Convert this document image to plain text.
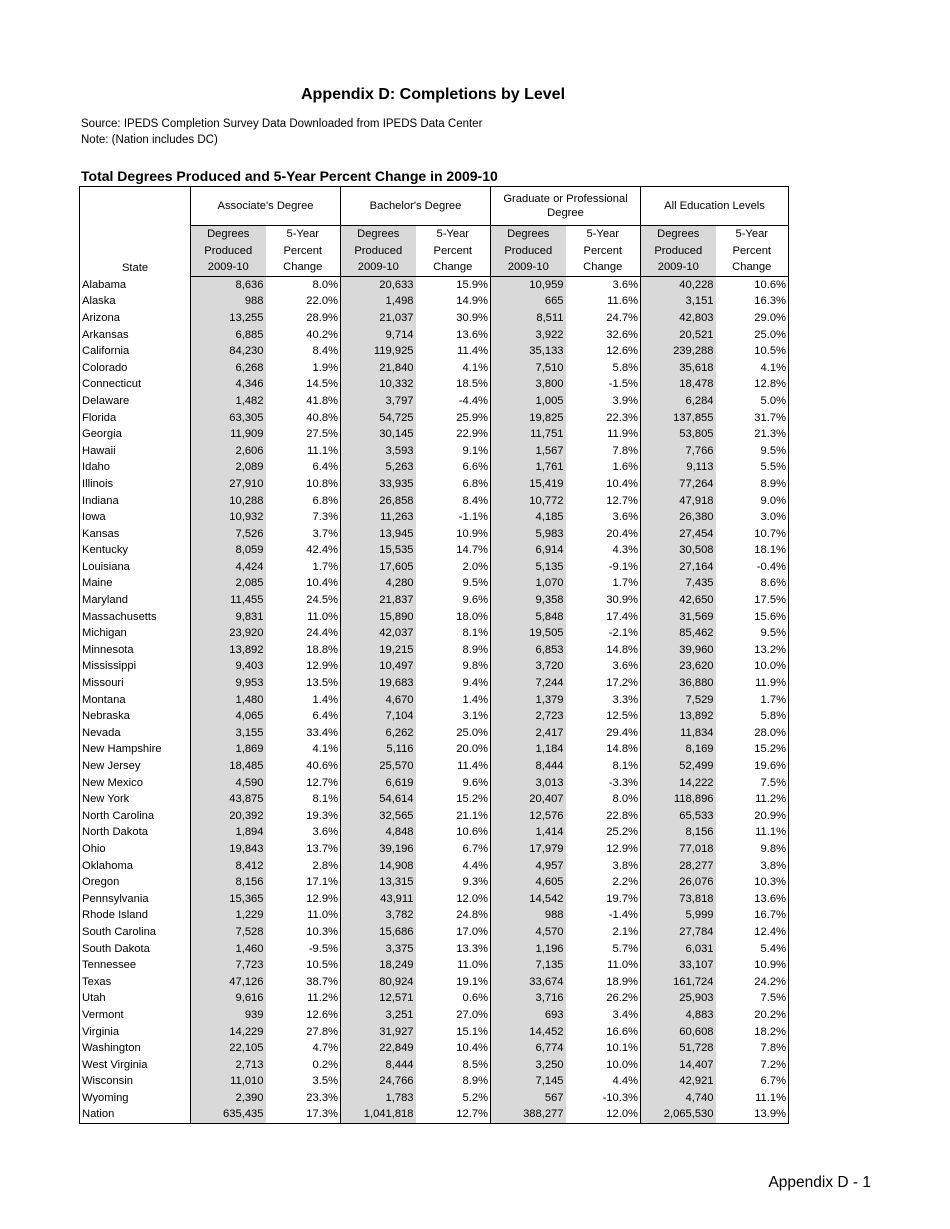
Appendix D: Completions by Level
Source: IPEDS Completion Survey Data Downloaded from IPEDS Data Center
Note: (Nation includes DC)
Total Degrees Produced and 5-Year Percent Change in 2009-10
State	Associate's Degree		Bachelor's Degree		Graduate or Professional Degree		All Education Levels	
	Degrees	5-Year	Degrees	5-Year	Degrees	5-Year	Degrees	5-Year
	Produced	Percent	Produced	Percent	Produced	Percent	Produced	Percent
	2009-10	Change	2009-10	Change	2009-10	Change	2009-10	Change
Alabama	8,636	8.0%	20,633	15.9%	10,959	3.6%	40,228	10.6%
Alaska	988	22.0%	1,498	14.9%	665	11.6%	3,151	16.3%
Arizona	13,255	28.9%	21,037	30.9%	8,511	24.7%	42,803	29.0%
Arkansas	6,885	40.2%	9,714	13.6%	3,922	32.6%	20,521	25.0%
California	84,230	8.4%	119,925	11.4%	35,133	12.6%	239,288	10.5%
Colorado	6,268	1.9%	21,840	4.1%	7,510	5.8%	35,618	4.1%
Connecticut	4,346	14.5%	10,332	18.5%	3,800	-1.5%	18,478	12.8%
Delaware	1,482	41.8%	3,797	-4.4%	1,005	3.9%	6,284	5.0%
Florida	63,305	40.8%	54,725	25.9%	19,825	22.3%	137,855	31.7%
Georgia	11,909	27.5%	30,145	22.9%	11,751	11.9%	53,805	21.3%
Hawaii	2,606	11.1%	3,593	9.1%	1,567	7.8%	7,766	9.5%
Idaho	2,089	6.4%	5,263	6.6%	1,761	1.6%	9,113	5.5%
Illinois	27,910	10.8%	33,935	6.8%	15,419	10.4%	77,264	8.9%
Indiana	10,288	6.8%	26,858	8.4%	10,772	12.7%	47,918	9.0%
Iowa	10,932	7.3%	11,263	-1.1%	4,185	3.6%	26,380	3.0%
Kansas	7,526	3.7%	13,945	10.9%	5,983	20.4%	27,454	10.7%
Kentucky	8,059	42.4%	15,535	14.7%	6,914	4.3%	30,508	18.1%
Louisiana	4,424	1.7%	17,605	2.0%	5,135	-9.1%	27,164	-0.4%
Maine	2,085	10.4%	4,280	9.5%	1,070	1.7%	7,435	8.6%
Maryland	11,455	24.5%	21,837	9.6%	9,358	30.9%	42,650	17.5%
Massachusetts	9,831	11.0%	15,890	18.0%	5,848	17.4%	31,569	15.6%
Michigan	23,920	24.4%	42,037	8.1%	19,505	-2.1%	85,462	9.5%
Minnesota	13,892	18.8%	19,215	8.9%	6,853	14.8%	39,960	13.2%
Mississippi	9,403	12.9%	10,497	9.8%	3,720	3.6%	23,620	10.0%
Missouri	9,953	13.5%	19,683	9.4%	7,244	17.2%	36,880	11.9%
Montana	1,480	1.4%	4,670	1.4%	1,379	3.3%	7,529	1.7%
Nebraska	4,065	6.4%	7,104	3.1%	2,723	12.5%	13,892	5.8%
Nevada	3,155	33.4%	6,262	25.0%	2,417	29.4%	11,834	28.0%
New Hampshire	1,869	4.1%	5,116	20.0%	1,184	14.8%	8,169	15.2%
New Jersey	18,485	40.6%	25,570	11.4%	8,444	8.1%	52,499	19.6%
New Mexico	4,590	12.7%	6,619	9.6%	3,013	-3.3%	14,222	7.5%
New York	43,875	8.1%	54,614	15.2%	20,407	8.0%	118,896	11.2%
North Carolina	20,392	19.3%	32,565	21.1%	12,576	22.8%	65,533	20.9%
North Dakota	1,894	3.6%	4,848	10.6%	1,414	25.2%	8,156	11.1%
Ohio	19,843	13.7%	39,196	6.7%	17,979	12.9%	77,018	9.8%
Oklahoma	8,412	2.8%	14,908	4.4%	4,957	3.8%	28,277	3.8%
Oregon	8,156	17.1%	13,315	9.3%	4,605	2.2%	26,076	10.3%
Pennsylvania	15,365	12.9%	43,911	12.0%	14,542	19.7%	73,818	13.6%
Rhode Island	1,229	11.0%	3,782	24.8%	988	-1.4%	5,999	16.7%
South Carolina	7,528	10.3%	15,686	17.0%	4,570	2.1%	27,784	12.4%
South Dakota	1,460	-9.5%	3,375	13.3%	1,196	5.7%	6,031	5.4%
Tennessee	7,723	10.5%	18,249	11.0%	7,135	11.0%	33,107	10.9%
Texas	47,126	38.7%	80,924	19.1%	33,674	18.9%	161,724	24.2%
Utah	9,616	11.2%	12,571	0.6%	3,716	26.2%	25,903	7.5%
Vermont	939	12.6%	3,251	27.0%	693	3.4%	4,883	20.2%
Virginia	14,229	27.8%	31,927	15.1%	14,452	16.6%	60,608	18.2%
Washington	22,105	4.7%	22,849	10.4%	6,774	10.1%	51,728	7.8%
West Virginia	2,713	0.2%	8,444	8.5%	3,250	10.0%	14,407	7.2%
Wisconsin	11,010	3.5%	24,766	8.9%	7,145	4.4%	42,921	6.7%
Wyoming	2,390	23.3%	1,783	5.2%	567	-10.3%	4,740	11.1%
Nation	635,435	17.3%	1,041,818	12.7%	388,277	12.0%	2,065,530	13.9%
Appendix D - 1
